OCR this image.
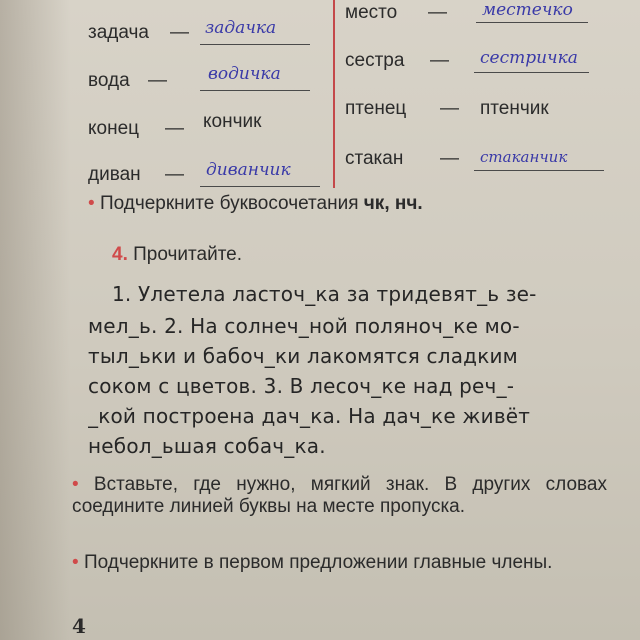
задача — задачка
вода — водичка
конец — кончик
диван — диванчик
место — местечко
сестра — сестричка
птенец — птенчик
стакан — стаканчик
• Подчеркните буквосочетания чк, нч.
4. Прочитайте.
1. Улетела ласточ_ка за тридевят_ь зе-
мел_ь. 2. На солнеч_ной поляноч_ке мо-
тыл_ьки и бабоч_ки лакомятся сладким
соком с цветов. 3. В лесоч_ке над реч_-
_кой построена дач_ка. На дач_ке живёт
небол_ьшая собач_ка.
• Вставьте, где нужно, мягкий знак. В других словах соедините линией буквы на месте пропуска.
• Подчеркните в первом предложении главные члены.
4
